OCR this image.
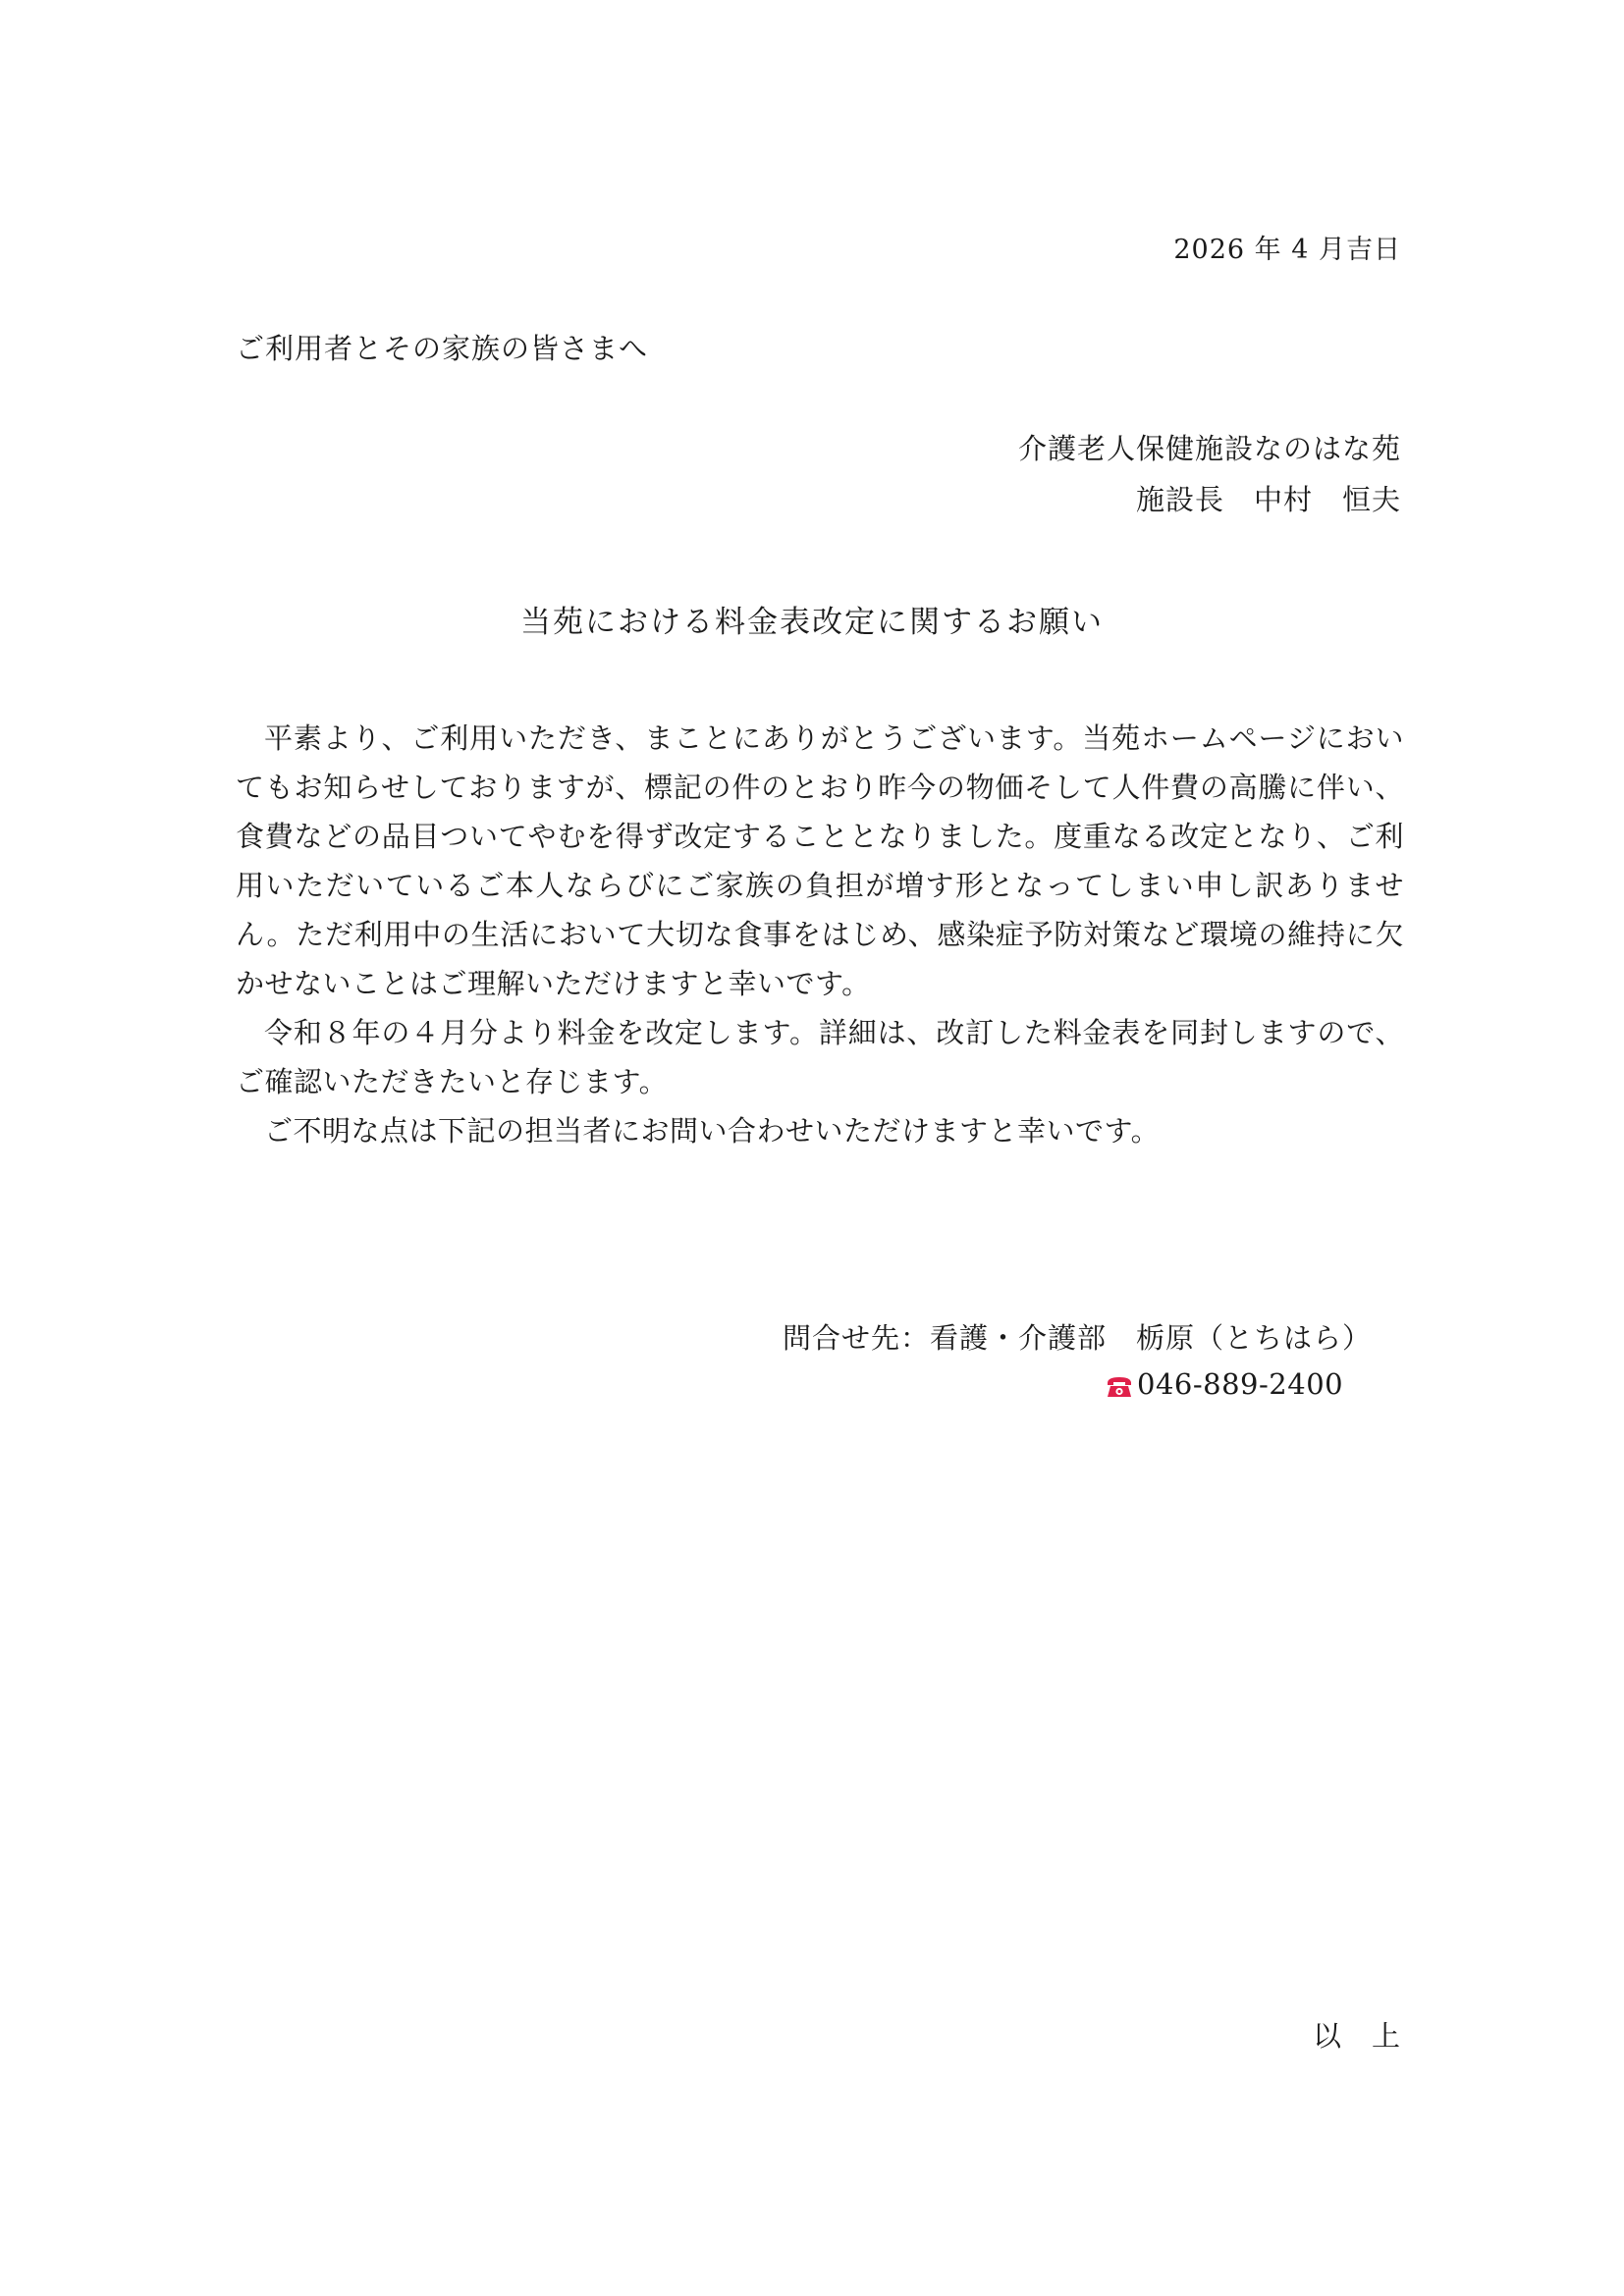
2026 年 4 月吉日
ご利用者とその家族の皆さまへ
介護老人保健施設なのはな苑
施設長　中村　恒夫
当苑における料金表改定に関するお願い

平素より、ご利用いただき、まことにありがとうございます。当苑ホームページにおいてもお知らせしておりますが、標記の件のとおり昨今の物価そして人件費の高騰に伴い、食費などの品目ついてやむを得ず改定することとなりました。度重なる改定となり、ご利用いただいているご本人ならびにご家族の負担が増す形となってしまい申し訳ありません。ただ利用中の生活において大切な食事をはじめ、感染症予防対策など環境の維持に欠かせないことはご理解いただけますと幸いです。

令和８年の４月分より料金を改定します。詳細は、改訂した料金表を同封しますので、ご確認いただきたいと存じます。

ご不明な点は下記の担当者にお問い合わせいただけますと幸いです。

問合せ先：看護・介護部　栃原（とちはら）
046-889-2400
以　上
